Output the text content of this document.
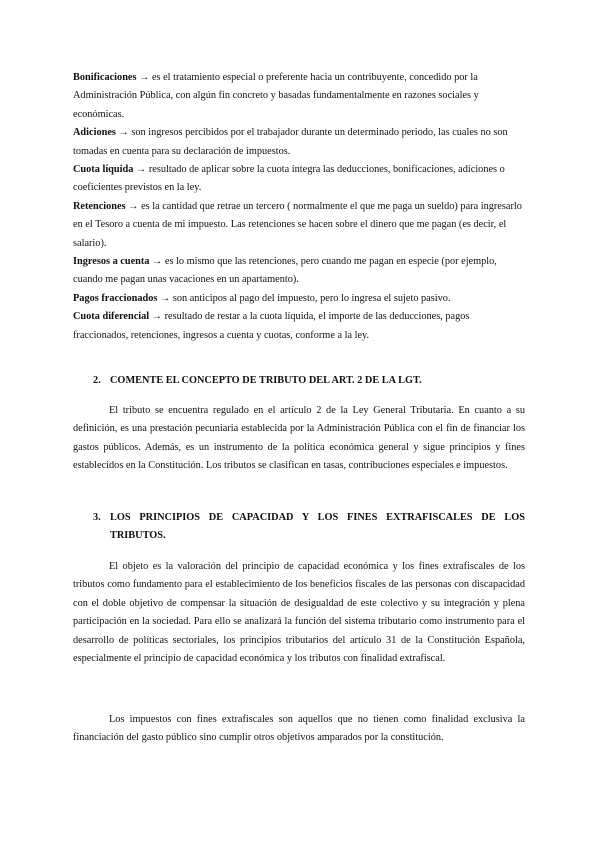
Bonificaciones → es el tratamiento especial o preferente hacia un contribuyente, concedido por la Administración Pública, con algún fin concreto y basadas fundamentalmente en razones sociales y económicas.

Adiciones → son ingresos percibidos por el trabajador durante un determinado periodo, las cuales no son tomadas en cuenta para su declaración de impuestos.

Cuota líquida → resultado de aplicar sobre la cuota íntegra las deducciones, bonificaciones, adiciones o coeficientes previstos en la ley.

Retenciones → es la cantidad que retrae un tercero ( normalmente el que me paga un sueldo) para ingresarlo en el Tesoro a cuenta de mi impuesto. Las retenciones se hacen sobre el dinero que me pagan (es decir, el salario).

Ingresos a cuenta → es lo mismo que las retenciones, pero cuando me pagan en especie (por ejemplo, cuando me pagan unas vacaciones en un apartamento).

Pagos fraccionados → son anticipos al pago del impuesto, pero lo ingresa el sujeto pasivo.

Cuota diferencial → resultado de restar a la cuota líquida, el importe de las deducciones, pagos fraccionados, retenciones, ingresos a cuenta y cuotas, conforme a la ley.

2. COMENTE EL CONCEPTO DE TRIBUTO DEL ART. 2 DE LA LGT.

El tributo se encuentra regulado en el artículo 2 de la Ley General Tributaria. En cuanto a su definición, es una prestación pecuniaria establecida por la Administración Pública con el fin de financiar los gastos públicos. Además, es un instrumento de la política económica general y sigue principios y fines establecidos en la Constitución. Los tributos se clasifican en tasas, contribuciones especiales e impuestos.

3. LOS PRINCIPIOS DE CAPACIDAD Y LOS FINES EXTRAFISCALES DE LOS TRIBUTOS.

El objeto es la valoración del principio de capacidad económica y los fines extrafiscales de los tributos como fundamento para el establecimiento de los beneficios fiscales de las personas con discapacidad con el doble objetivo de compensar la situación de desigualdad de este colectivo y su integración y plena participación en la sociedad. Para ello se analizará la función del sistema tributario como instrumento para el desarrollo de políticas sectoriales, los principios tributarios del artículo 31 de la Constitución Española, especialmente el principio de capacidad económica y los tributos con finalidad extrafiscal.

Los impuestos con fines extrafiscales son aquellos que no tienen como finalidad exclusiva la financiación del gasto público sino cumplir otros objetivos amparados por la constitución.
